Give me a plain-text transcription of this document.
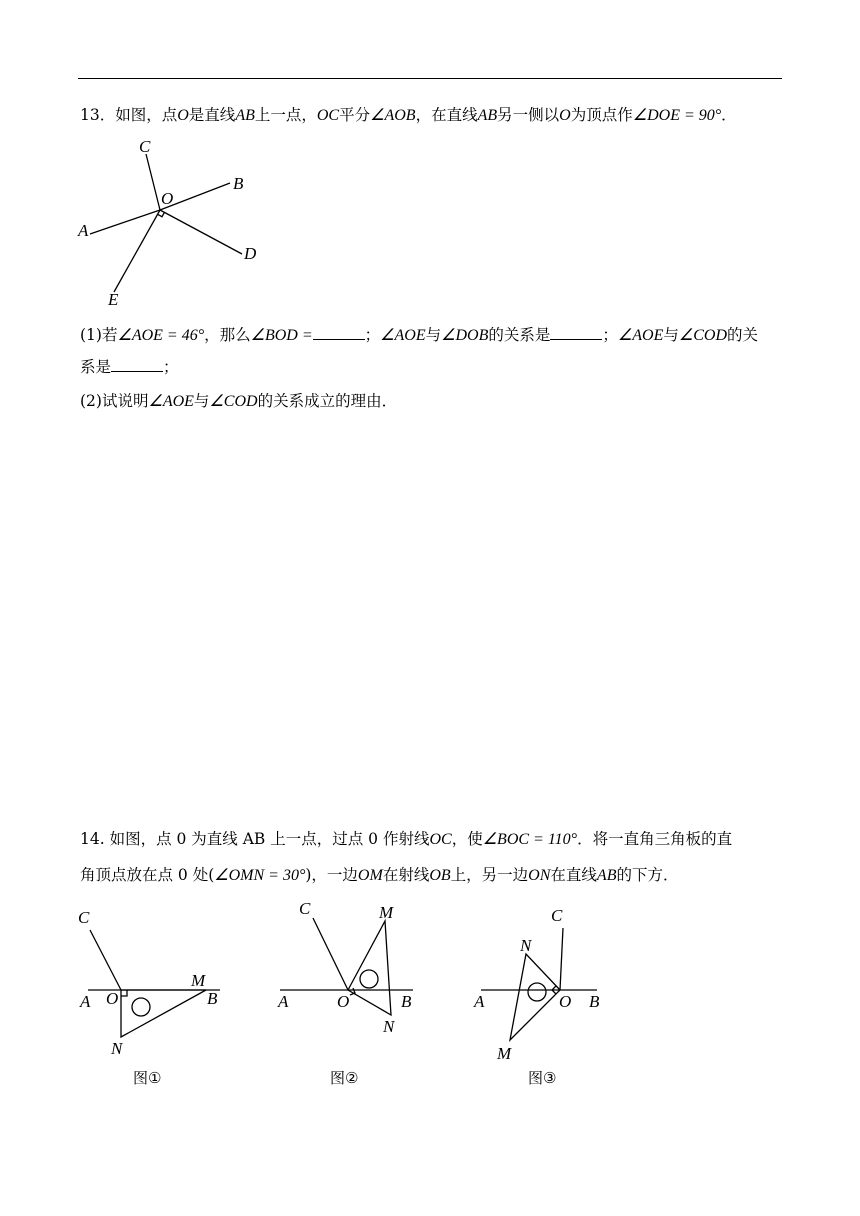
13．如图，点O是直线AB上一点，OC平分∠AOB，在直线AB另一侧以O为顶点作∠DOE = 90°．
C
O
B
A
D
E
(1)若∠AOE = 46°，那么∠BOD =	；∠AOE与∠DOB的关系是	；∠AOE与∠COD的关
系是	；
(2)试说明∠AOE与∠COD的关系成立的理由．
14. 如图，点 0 为直线 AB 上一点，过点 0 作射线OC，使∠BOC = 110°．将一直角三角板的直
角顶点放在点 0 处(∠OMN = 30°)，一边OM在射线OB上，另一边ON在直线AB的下方．
C
M
A O	B
N
图①
C	M
A	O	B
N
图②
C
N
A	O B
M
图③
